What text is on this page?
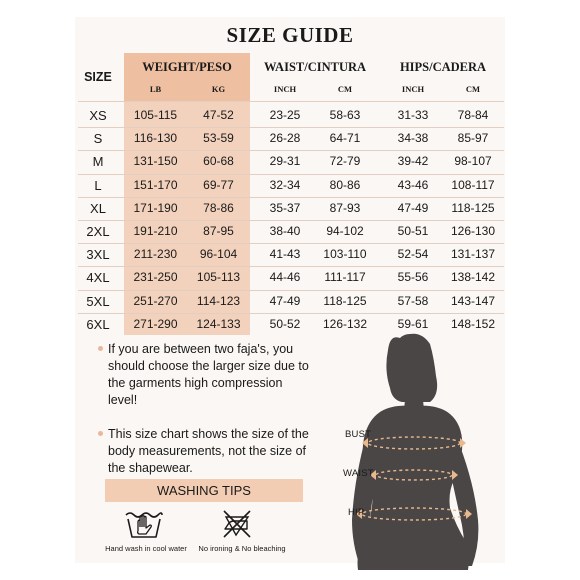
SIZE GUIDE
SIZE
WEIGHT/PESO	WAIST/CINTURA	HIPS/CADERA
LB	KG	INCH	CM	INCH	CM
XS	105-115	47-52	23-25	58-63	31-33	78-84
S	116-130	53-59	26-28	64-71	34-38	85-97
M	131-150	60-68	29-31	72-79	39-42	98-107
L	151-170	69-77	32-34	80-86	43-46	108-117
XL	171-190	78-86	35-37	87-93	47-49	118-125
2XL	191-210	87-95	38-40	94-102	50-51	126-130
3XL	211-230	96-104	41-43	103-110	52-54	131-137
4XL	231-250	105-113	44-46	111-117	55-56	138-142
5XL	251-270	114-123	47-49	118-125	57-58	143-147
6XL	271-290	124-133	50-52	126-132	59-61	148-152
If you are between two faja's, you should choose the larger size due to the garments high compression level!
This size chart shows the size of the body measurements, not the size of the shapewear.
WASHING TIPS
Hand wash in cool water	No ironing & No bleaching
BUST
WAIST
HIP
